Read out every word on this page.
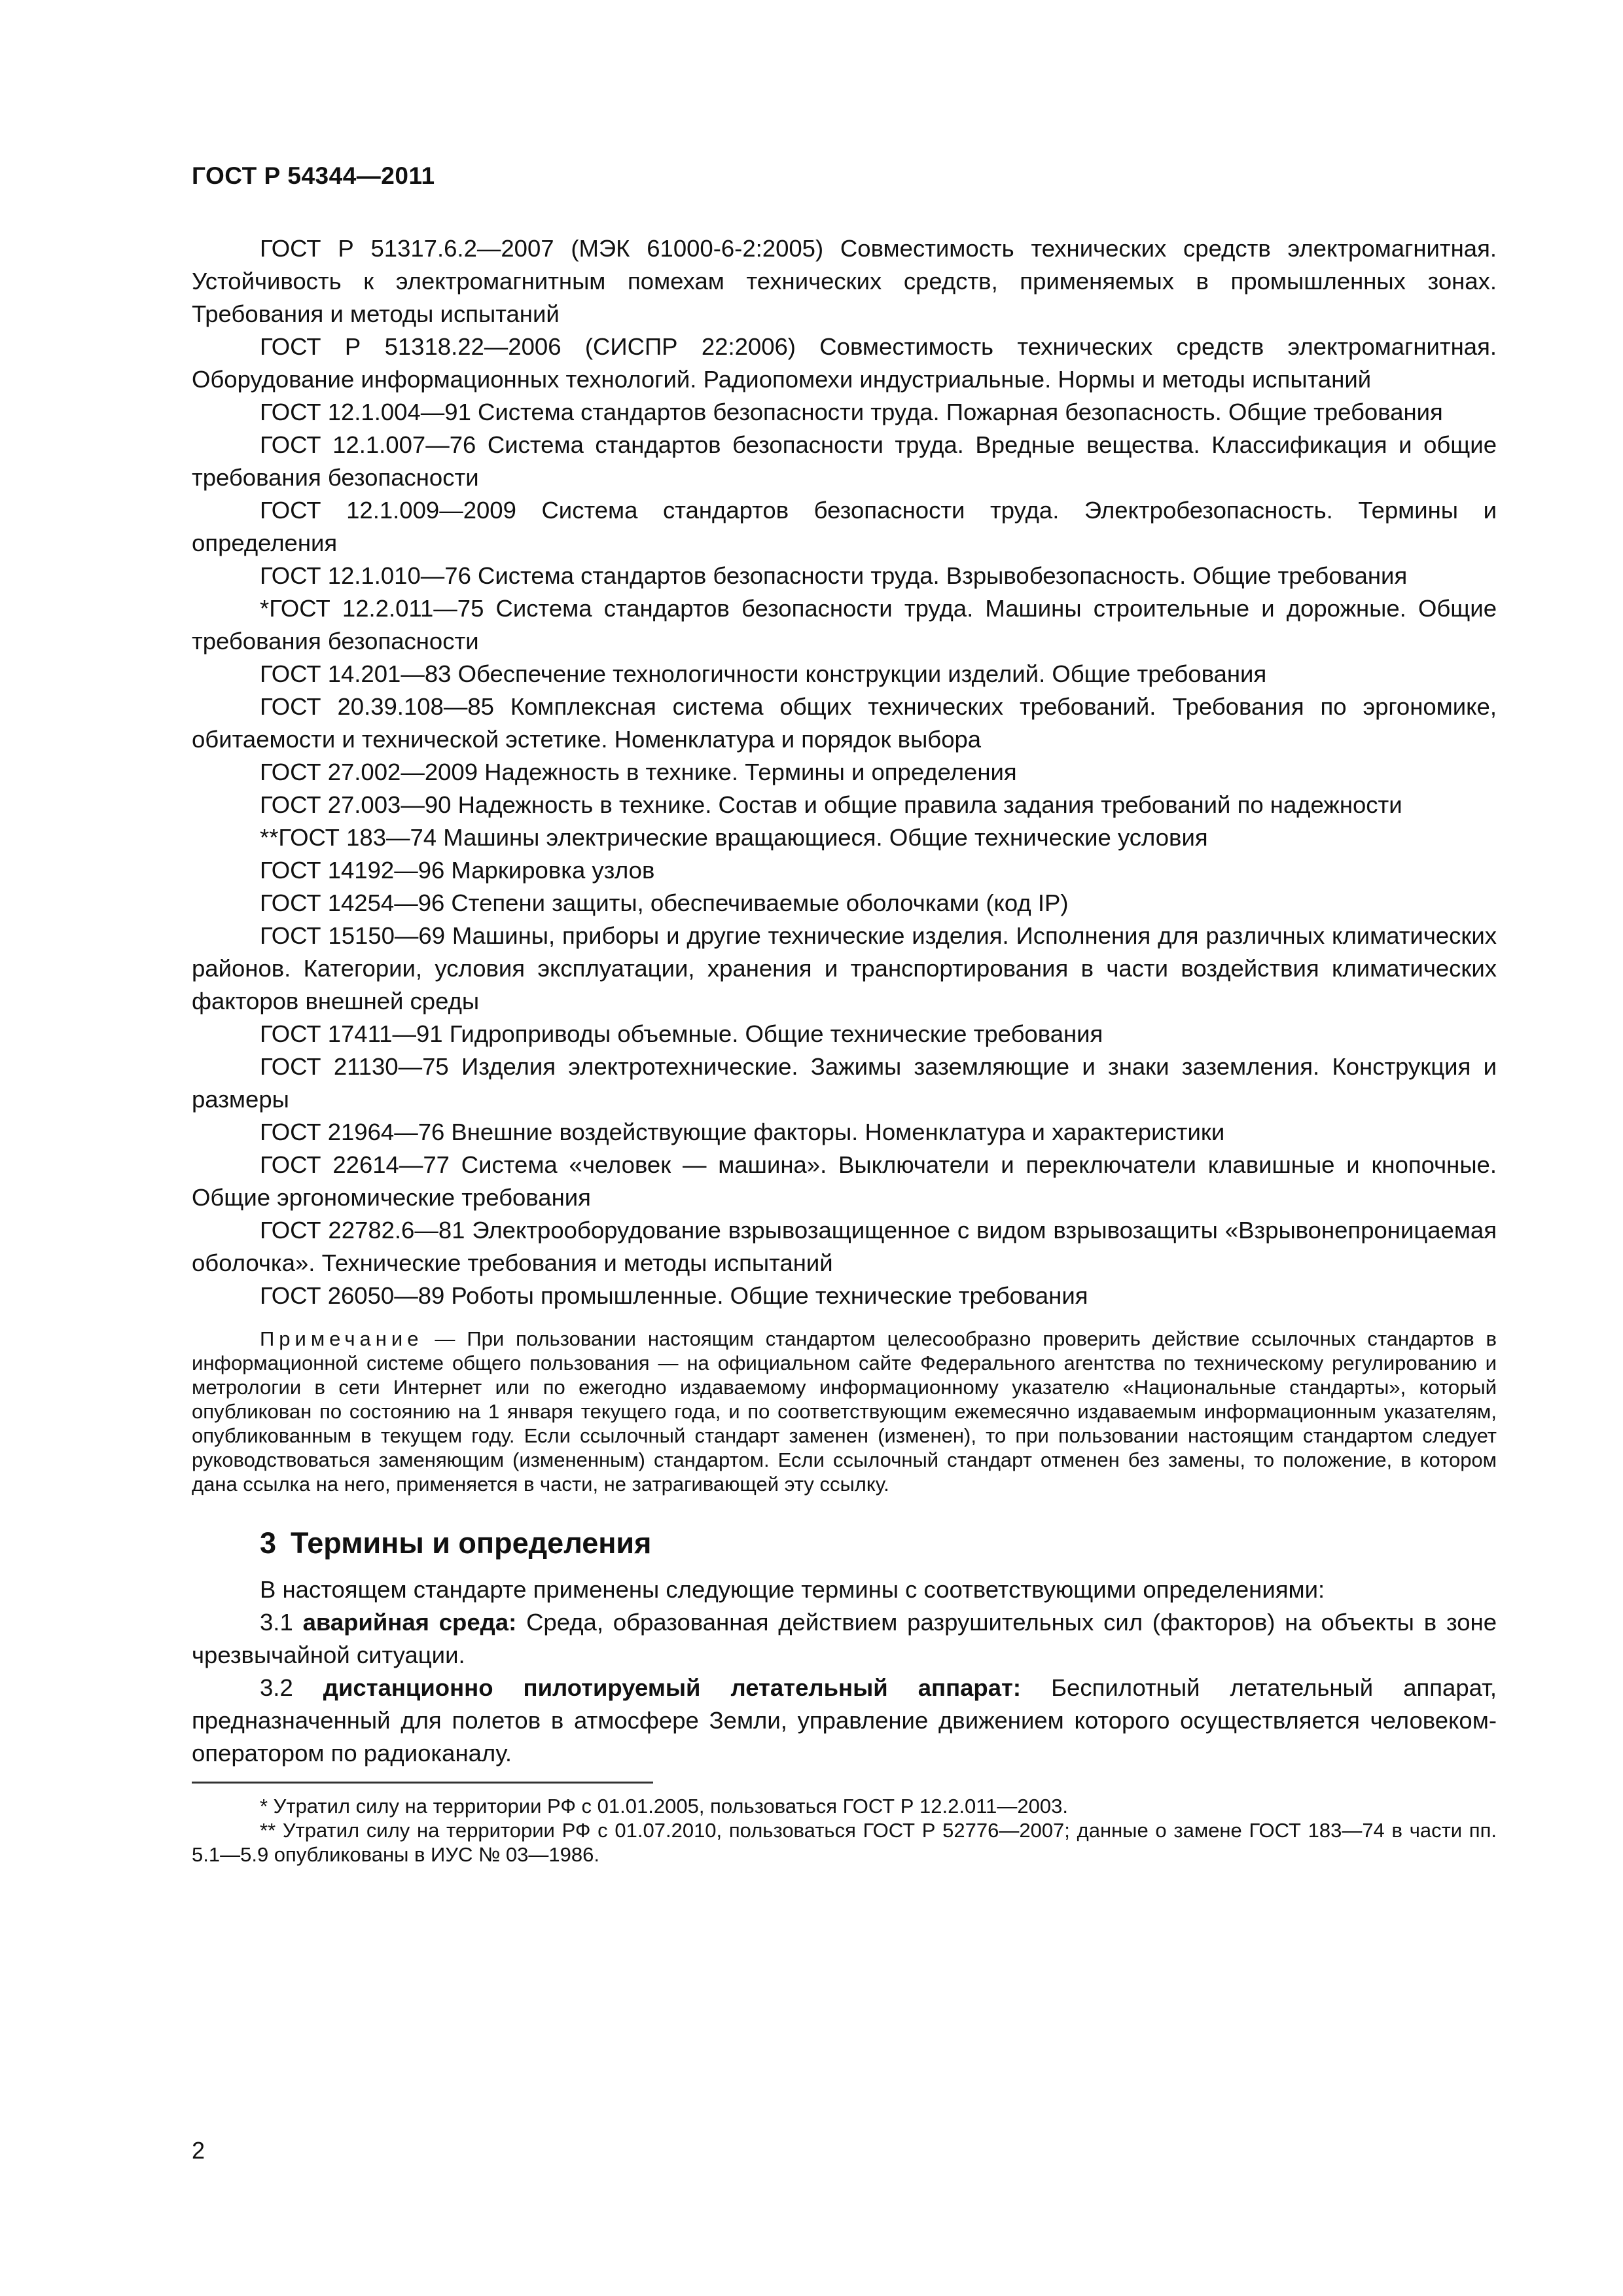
ГОСТ Р 54344—2011

ГОСТ Р 51317.6.2—2007 (МЭК 61000-6-2:2005) Совместимость технических средств электромагнитная. Устойчивость к электромагнитным помехам технических средств, применяемых в промышленных зонах. Требования и методы испытаний

ГОСТ Р 51318.22—2006 (СИСПР 22:2006) Совместимость технических средств электромагнитная. Оборудование информационных технологий. Радиопомехи индустриальные. Нормы и методы испытаний

ГОСТ 12.1.004—91 Система стандартов безопасности труда. Пожарная безопасность. Общие требования

ГОСТ 12.1.007—76 Система стандартов безопасности труда. Вредные вещества. Классификация и общие требования безопасности

ГОСТ 12.1.009—2009 Система стандартов безопасности труда. Электробезопасность. Термины и определения

ГОСТ 12.1.010—76 Система стандартов безопасности труда. Взрывобезопасность. Общие требования

*ГОСТ 12.2.011—75 Система стандартов безопасности труда. Машины строительные и дорожные. Общие требования безопасности

ГОСТ 14.201—83 Обеспечение технологичности конструкции изделий. Общие требования

ГОСТ 20.39.108—85 Комплексная система общих технических требований. Требования по эргономике, обитаемости и технической эстетике. Номенклатура и порядок выбора

ГОСТ 27.002—2009 Надежность в технике. Термины и определения

ГОСТ 27.003—90 Надежность в технике. Состав и общие правила задания требований по надежности

**ГОСТ 183—74 Машины электрические вращающиеся. Общие технические условия

ГОСТ 14192—96 Маркировка узлов

ГОСТ 14254—96 Степени защиты, обеспечиваемые оболочками (код IP)

ГОСТ 15150—69 Машины, приборы и другие технические изделия. Исполнения для различных климатических районов. Категории, условия эксплуатации, хранения и транспортирования в части воздействия климатических факторов внешней среды

ГОСТ 17411—91 Гидроприводы объемные. Общие технические требования

ГОСТ 21130—75 Изделия электротехнические. Зажимы заземляющие и знаки заземления. Конструкция и размеры

ГОСТ 21964—76 Внешние воздействующие факторы. Номенклатура и характеристики

ГОСТ 22614—77 Система «человек — машина». Выключатели и переключатели клавишные и кнопочные. Общие эргономические требования

ГОСТ 22782.6—81 Электрооборудование взрывозащищенное с видом взрывозащиты «Взрывонепроницаемая оболочка». Технические требования и методы испытаний

ГОСТ 26050—89 Роботы промышленные. Общие технические требования

Примечание — При пользовании настоящим стандартом целесообразно проверить действие ссылочных стандартов в информационной системе общего пользования — на официальном сайте Федерального агентства по техническому регулированию и метрологии в сети Интернет или по ежегодно издаваемому информационному указателю «Национальные стандарты», который опубликован по состоянию на 1 января текущего года, и по соответствующим ежемесячно издаваемым информационным указателям, опубликованным в текущем году. Если ссылочный стандарт заменен (изменен), то при пользовании настоящим стандартом следует руководствоваться заменяющим (измененным) стандартом. Если ссылочный стандарт отменен без замены, то положение, в котором дана ссылка на него, применяется в части, не затрагивающей эту ссылку.
3 Термины и определения

В настоящем стандарте применены следующие термины с соответствующими определениями:

3.1 аварийная среда: Среда, образованная действием разрушительных сил (факторов) на объекты в зоне чрезвычайной ситуации.

3.2 дистанционно пилотируемый летательный аппарат: Беспилотный летательный аппарат, предназначенный для полетов в атмосфере Земли, управление движением которого осуществляется человеком-оператором по радиоканалу.

* Утратил силу на территории РФ с 01.01.2005, пользоваться ГОСТ Р 12.2.011—2003.

** Утратил силу на территории РФ с 01.07.2010, пользоваться ГОСТ Р 52776—2007; данные о замене ГОСТ 183—74 в части пп. 5.1—5.9 опубликованы в ИУС № 03—1986.

2
